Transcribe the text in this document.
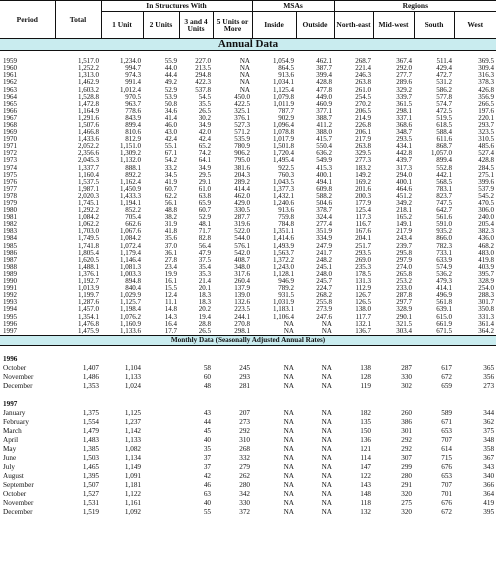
Period	Total	In Structures With				MSAs		Regions			
		1 Unit	2 Units	3 and 4 Units	5 Units or More	Inside	Outside	North-east	Mid-west	South	West
Annual Data											

1959	1,517.0	1,234.0	55.9	227.0	NA	1,054.9	462.1	268.7	367.4	511.4	369.5
1960	1,252.2	994.7	44.0	213.5	NA	864.5	387.7	221.4	292.0	429.4	309.4
1961	1,313.0	974.3	44.4	294.8	NA	913.6	399.4	246.3	277.7	472.7	316.3
1962	1,462.9	991.4	49.2	422.3	NA	1,034.1	428.8	263.8	289.6	531.2	378.3
1963	1,603.2	1,012.4	52.9	537.8	NA	1,125.4	477.8	261.0	329.2	586.2	426.8
1964	1,528.8	970.5	53.9	54.5	450.0	1,079.8	449.0	254.5	339.7	577.8	356.9
1965	1,472.8	963.7	50.8	35.5	422.5	1,011.9	460.9	270.2	361.5	574.7	266.5
1966	1,164.9	778.6	34.6	26.5	325.1	787.7	377.1	206.5	298.1	472.5	197.6
1967	1,291.6	843.9	41.4	30.2	376.1	902.9	388.7	214.9	337.1	519.5	220.1
1968	1,507.6	899.4	46.0	34.9	527.3	1,096.4	411.2	226.8	368.6	618.5	293.7
1969	1,466.8	810.6	43.0	42.0	571.2	1,078.8	388.0	206.1	348.7	588.4	323.5
1970	1,433.6	812.9	42.4	42.4	535.9	1,017.9	415.7	217.9	293.5	611.6	310.5
1971	2,052.2	1,151.0	55.1	65.2	780.9	1,501.8	550.4	263.8	434.1	868.7	485.6
1972	2,356.6	1,309.2	67.1	74.2	906.2	1,720.4	636.2	329.5	442.8	1,057.0	527.4
1973	2,045.3	1,132.0	54.2	64.1	795.0	1,495.4	549.9	277.3	439.7	899.4	428.8
1974	1,337.7	888.1	33.2	34.9	381.6	922.5	415.3	183.2	317.3	552.8	284.5
1975	1,160.4	892.2	34.5	29.5	204.3	760.3	400.1	149.2	294.0	442.1	275.1
1976	1,537.5	1,162.4	41.9	29.1	289.2	1,043.5	494.1	169.2	400.1	568.5	399.6
1977	1,987.1	1,450.9	60.7	61.0	414.4	1,377.3	609.8	201.6	464.6	783.1	537.9
1978	2,020.3	1,433.3	62.2	63.8	462.0	1,432.1	588.2	200.3	451.2	823.7	545.2
1979	1,745.1	1,194.1	56.1	65.9	429.0	1,240.6	504.6	177.9	349.2	747.5	470.5
1980	1,292.2	852.2	48.8	60.7	330.5	913.6	378.7	125.4	218.1	642.7	306.0
1981	1,084.2	705.4	38.2	52.9	287.7	759.8	324.4	117.3	165.2	561.6	240.0
1982	1,062.2	662.6	31.9	48.1	319.6	784.8	277.4	116.7	149.1	591.0	205.4
1983	1,703.0	1,067.6	41.8	71.7	522.0	1,351.1	351.9	167.6	217.9	935.2	382.3
1984	1,749.5	1,084.2	35.6	82.8	544.0	1,414.6	334.9	204.1	243.4	866.0	436.0
1985	1,741.8	1,072.4	37.0	56.4	576.1	1,493.9	247.9	251.7	239.7	782.3	468.2
1986	1,805.4	1,179.4	36.1	47.9	542.0	1,563.7	241.7	293.5	295.8	733.1	483.0
1987	1,620.5	1,146.4	27.8	37.5	408.7	1,372.2	248.2	269.0	297.9	633.9	419.8
1988	1,488.1	1,081.3	23.4	35.4	348.0	1,243.0	245.1	235.3	274.0	574.9	403.9
1989	1,376.1	1,003.3	19.9	35.3	317.6	1,128.1	248.0	178.5	265.8	536.2	395.7
1990	1,192.7	894.8	16.1	21.4	260.4	946.9	245.7	131.3	253.2	479.3	328.9
1991	1,013.9	840.4	15.5	20.1	137.9	789.2	224.7	112.9	233.0	414.1	254.0
1992	1,199.7	1,029.9	12.4	18.3	139.0	931.5	268.2	126.7	287.8	496.9	288.3
1993	1,287.6	1,125.7	11.1	18.3	132.6	1,031.9	255.8	126.5	297.7	561.8	301.7
1994	1,457.0	1,198.4	14.8	20.2	223.5	1,183.1	273.9	138.0	328.9	639.1	350.8
1995	1,354.1	1,076.2	14.3	19.4	244.1	1,106.4	247.6	117.7	290.1	615.0	331.3
1996	1,476.8	1,160.9	16.4	28.8	270.8	NA	NA	132.1	321.5	661.9	361.4
1997	1,475.9	1,133.6	17.7	26.5	298.1	NA	NA	136.7	303.4	671.5	364.2
Monthly Data (Seasonally Adjusted Annual Rates)											

1996											
October	1,407	1,104		58	245	NA	NA	138	287	617	365
November	1,486	1,133		60	293	NA	NA	128	330	672	356
December	1,353	1,024		48	281	NA	NA	119	302	659	273

1997											
January	1,375	1,125		43	207	NA	NA	182	260	589	344
February	1,554	1,237		44	273	NA	NA	135	386	671	362
March	1,479	1,142		45	292	NA	NA	150	301	653	375
April	1,483	1,133		40	310	NA	NA	136	292	707	348
May	1,385	1,082		35	268	NA	NA	121	292	614	358
June	1,503	1,134		37	332	NA	NA	114	307	715	367
July	1,465	1,149		37	279	NA	NA	147	299	676	343
August	1,395	1,091		42	262	NA	NA	122	280	653	340
September	1,507	1,181		46	280	NA	NA	143	291	707	366
October	1,527	1,122		63	342	NA	NA	148	320	701	364
November	1,531	1,161		40	330	NA	NA	118	275	676	419
December	1,519	1,092		55	372	NA	NA	132	320	672	395
